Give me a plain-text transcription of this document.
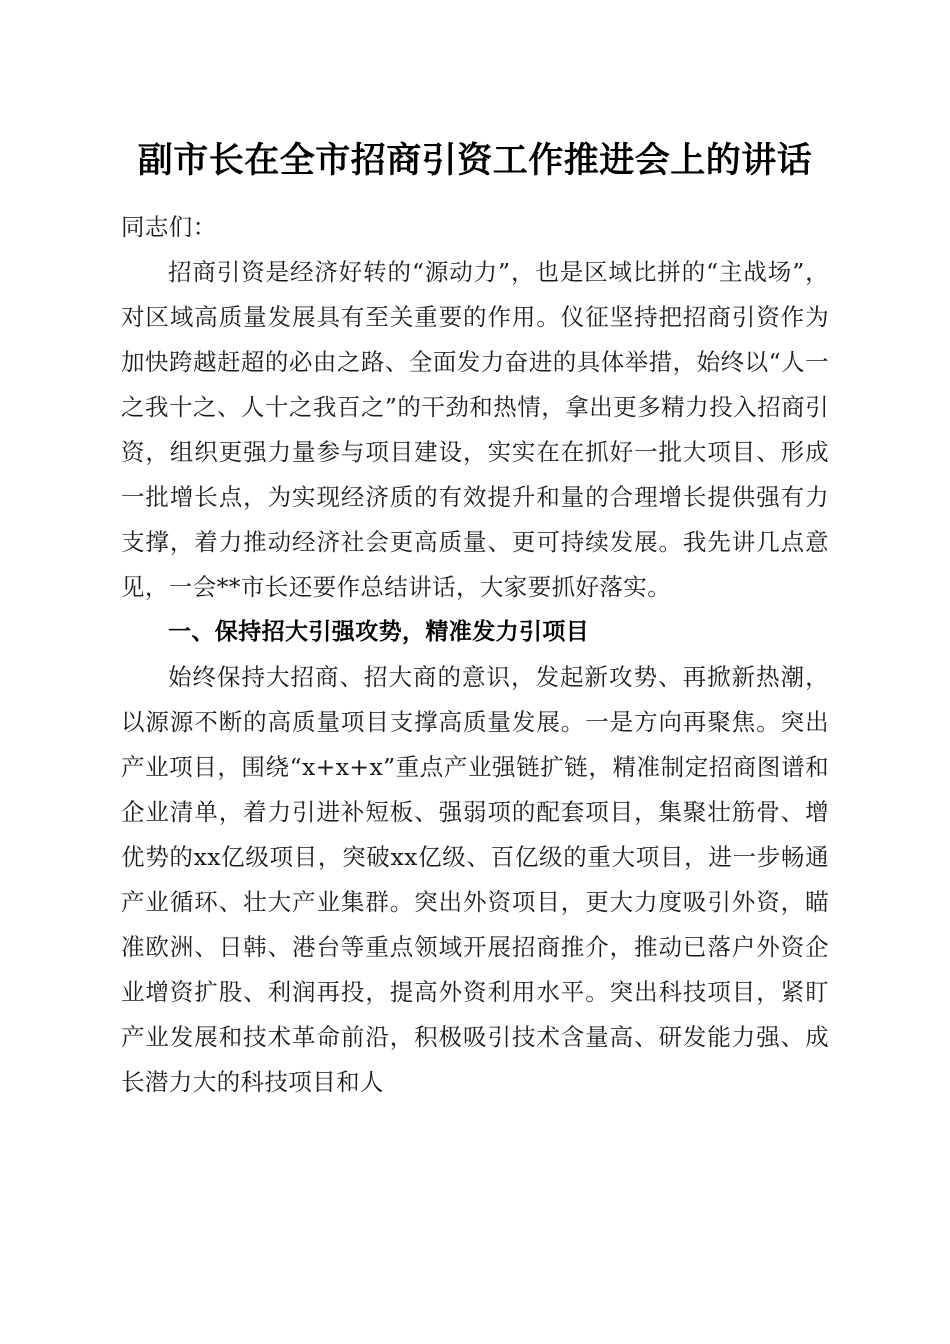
副市长在全市招商引资工作推进会上的讲话

同志们：

招商引资是经济好转的“源动力”，也是区域比拼的“主战场”，对区域高质量发展具有至关重要的作用。仪征坚持把招商引资作为加快跨越赶超的必由之路、全面发力奋进的具体举措，始终以“人一之我十之、人十之我百之”的干劲和热情，拿出更多精力投入招商引资，组织更强力量参与项目建设，实实在在抓好一批大项目、形成一批增长点，为实现经济质的有效提升和量的合理增长提供强有力支撑，着力推动经济社会更高质量、更可持续发展。我先讲几点意见，一会**市长还要作总结讲话，大家要抓好落实。

一、保持招大引强攻势，精准发力引项目

始终保持大招商、招大商的意识，发起新攻势、再掀新热潮，以源源不断的高质量项目支撑高质量发展。一是方向再聚焦。突出产业项目，围绕“x+x+x”重点产业强链扩链，精准制定招商图谱和企业清单，着力引进补短板、强弱项的配套项目，集聚壮筋骨、增优势的xx亿级项目，突破xx亿级、百亿级的重大项目，进一步畅通产业循环、壮大产业集群。突出外资项目，更大力度吸引外资，瞄准欧洲、日韩、港台等重点领域开展招商推介，推动已落户外资企业增资扩股、利润再投，提高外资利用水平。突出科技项目，紧盯产业发展和技术革命前沿，积极吸引技术含量高、研发能力强、成长潜力大的科技项目和人
